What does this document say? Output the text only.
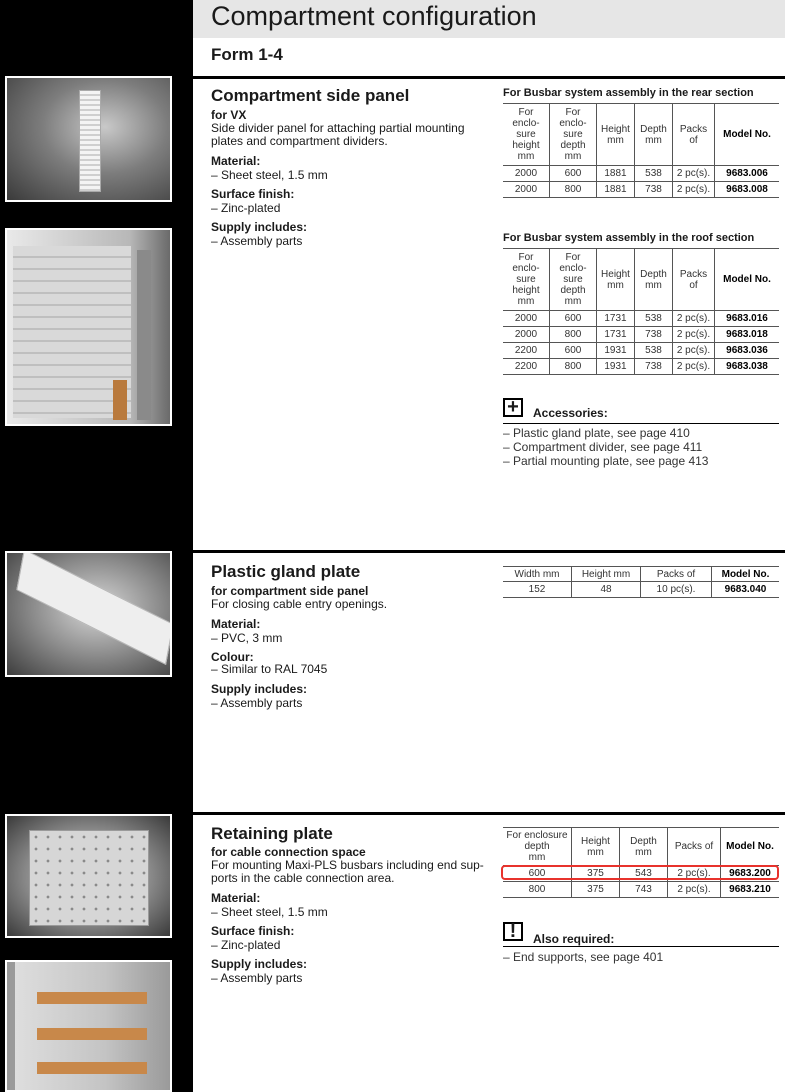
Compartment configuration
Form 1-4
Compartment side panel
for VX
Side divider panel for attaching partial mounting
plates and compartment dividers.
Material:
– Sheet steel, 1.5 mm
Surface finish:
– Zinc-plated
Supply includes:
– Assembly parts
For Busbar system assembly in the rear section
For
enclo-
sure
height
mm	For
enclo-
sure
depth
mm	Height
mm	Depth
mm	Packs
of	Model No.
2000	600	1881	538	2 pc(s).	9683.006
2000	800	1881	738	2 pc(s).	9683.008
For Busbar system assembly in the roof section
For
enclo-
sure
height
mm	For
enclo-
sure
depth
mm	Height
mm	Depth
mm	Packs
of	Model No.
2000	600	1731	538	2 pc(s).	9683.016
2000	800	1731	738	2 pc(s).	9683.018
2200	600	1931	538	2 pc(s).	9683.036
2200	800	1931	738	2 pc(s).	9683.038
+	Accessories:
– Plastic gland plate, see page 410
– Compartment divider, see page 411
– Partial mounting plate, see page 413
Plastic gland plate
for compartment side panel
For closing cable entry openings.
Material:
– PVC, 3 mm
Colour:
– Similar to RAL 7045
Supply includes:
– Assembly parts
Width mm	Height mm	Packs of	Model No.
152	48	10 pc(s).	9683.040
Retaining plate
for cable connection space
For mounting Maxi-PLS busbars including end sup-
ports in the cable connection area.
Material:
– Sheet steel, 1.5 mm
Surface finish:
– Zinc-plated
Supply includes:
– Assembly parts
For enclosure
depth
mm	Height
mm	Depth
mm	Packs of	Model No.
600	375	543	2 pc(s).	9683.200
800	375	743	2 pc(s).	9683.210
!	Also required:
– End supports, see page 401
